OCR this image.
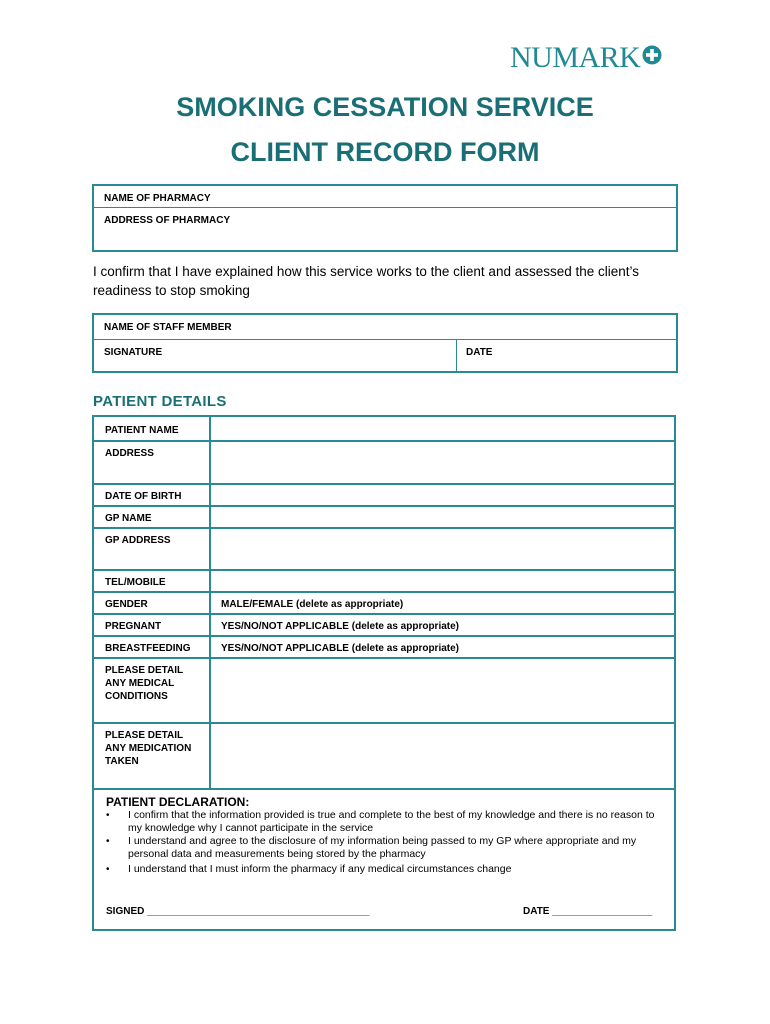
NUMARK
SMOKING CESSATION SERVICE
CLIENT RECORD FORM
NAME OF PHARMACY
ADDRESS OF PHARMACY
I confirm that I have explained how this service works to the client and assessed the client’s readiness to stop smoking
NAME OF STAFF MEMBER
SIGNATURE	DATE
PATIENT DETAILS
PATIENT NAME
ADDRESS
DATE OF BIRTH
GP NAME
GP ADDRESS
TEL/MOBILE
GENDER	MALE/FEMALE (delete as appropriate)
PREGNANT	YES/NO/NOT APPLICABLE (delete as appropriate)
BREASTFEEDING	YES/NO/NOT APPLICABLE (delete as appropriate)
PLEASE DETAIL ANY MEDICAL CONDITIONS
PLEASE DETAIL ANY MEDICATION TAKEN
PATIENT DECLARATION:
• I confirm that the information provided is true and complete to the best of my knowledge and there is no reason to my knowledge why I cannot participate in the service
• I understand and agree to the disclosure of my information being passed to my GP where appropriate and my personal data and measurements being stored by the pharmacy
• I understand that I must inform the pharmacy if any medical circumstances change
SIGNED ________________________________________	DATE __________________
